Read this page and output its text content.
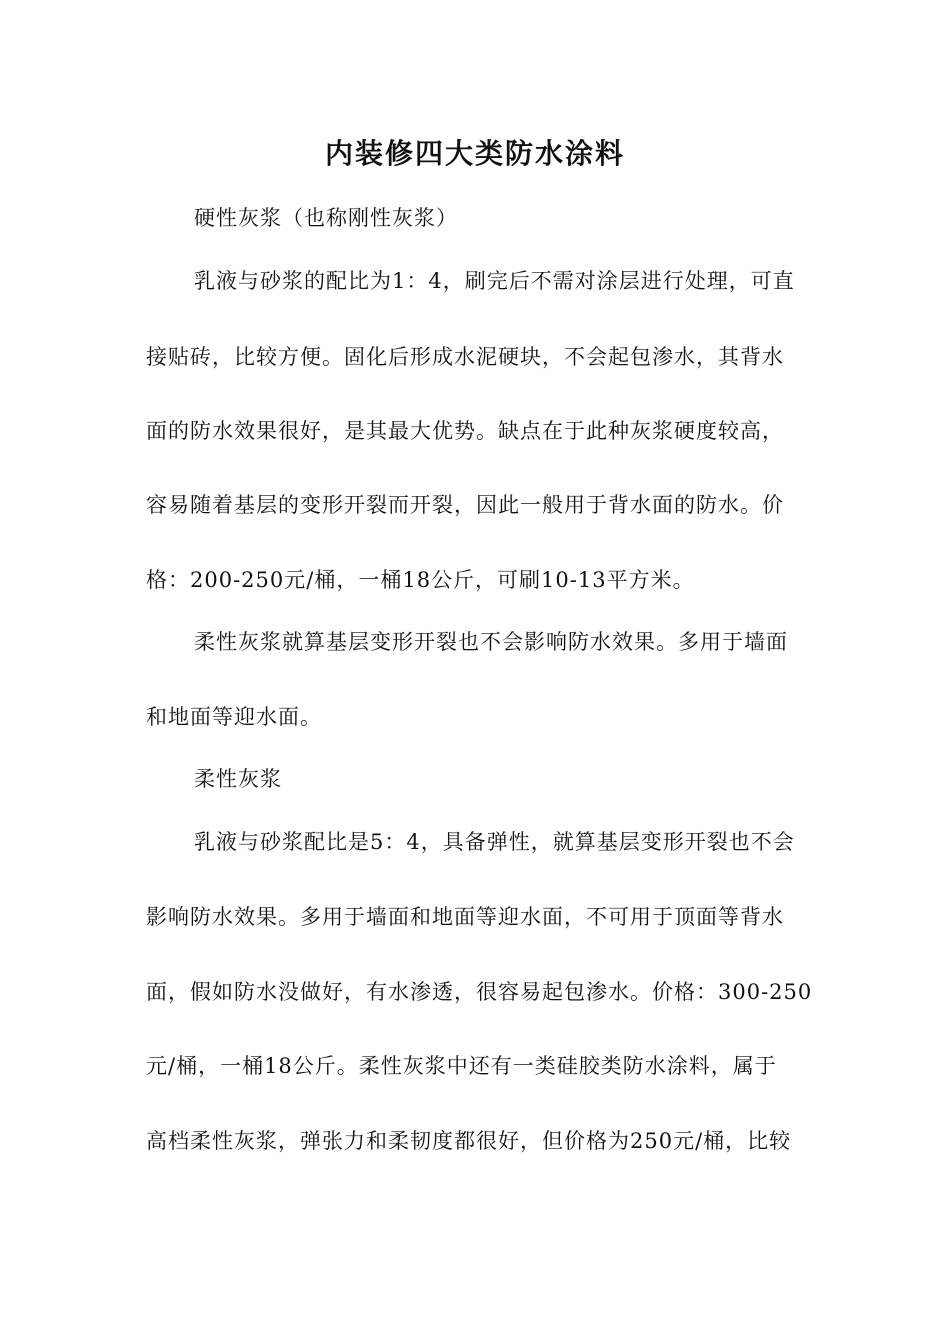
内装修四大类防水涂料
硬性灰浆（也称刚性灰浆）
乳液与砂浆的配比为1：4，刷完后不需对涂层进行处理，可直
接贴砖，比较方便。固化后形成水泥硬块，不会起包渗水，其背水
面的防水效果很好，是其最大优势。缺点在于此种灰浆硬度较高，
容易随着基层的变形开裂而开裂，因此一般用于背水面的防水。价
格：200-250元/桶，一桶18公斤，可刷10-13平方米。
柔性灰浆就算基层变形开裂也不会影响防水效果。多用于墙面
和地面等迎水面。
柔性灰浆
乳液与砂浆配比是5：4，具备弹性，就算基层变形开裂也不会
影响防水效果。多用于墙面和地面等迎水面，不可用于顶面等背水
面，假如防水没做好，有水渗透，很容易起包渗水。价格：300-250
元/桶，一桶18公斤。柔性灰浆中还有一类硅胶类防水涂料，属于
高档柔性灰浆，弹张力和柔韧度都很好，但价格为250元/桶，比较
